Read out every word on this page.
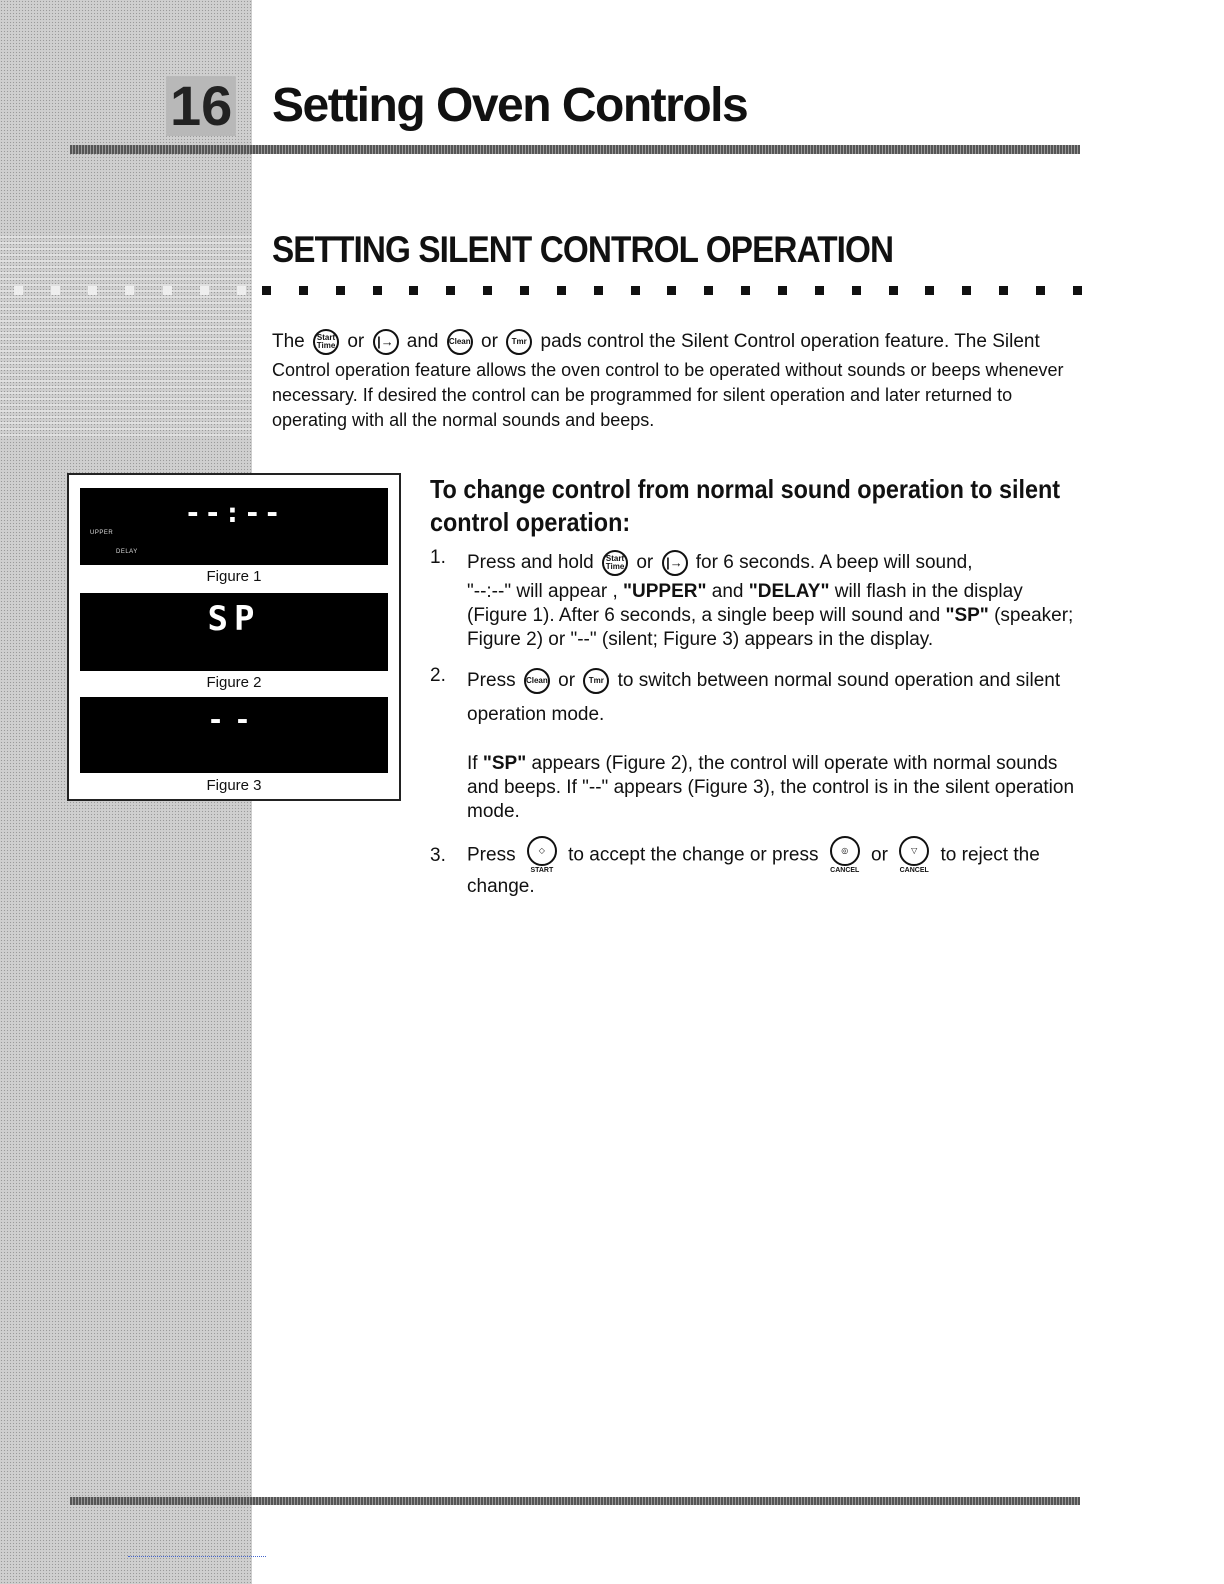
16 Setting Oven Controls
SETTING SILENT CONTROL OPERATION
The Start Time or |→ and Clean or Tmr pads control the Silent Control operation feature. The Silent
Control operation feature allows the oven control to be operated without sounds or beeps whenever necessary. If desired the control can be programmed for silent operation and later returned to operating with all the normal sounds and beeps.
--:--
UPPER
DELAY
Figure 1
SP
Figure 2
--
Figure 3
To change control from normal sound operation to silent control operation:
1. Press and hold Start Time or |→ for 6 seconds. A beep will sound,

"--:--" will appear , "UPPER" and "DELAY" will flash in the display (Figure 1). After 6 seconds, a single beep will sound and "SP" (speaker; Figure 2) or "--" (silent; Figure 3) appears in the display.

2. Press Clean or Tmr to switch between normal sound operation and silent operation mode.

If "SP" appears (Figure 2), the control will operate with normal sounds and beeps. If "--" appears (Figure 3), the control is in the silent operation mode.

3. Press	◇
START
to accept the change or press	◎
CANCEL
or	▽
CANCEL
to reject the change.
